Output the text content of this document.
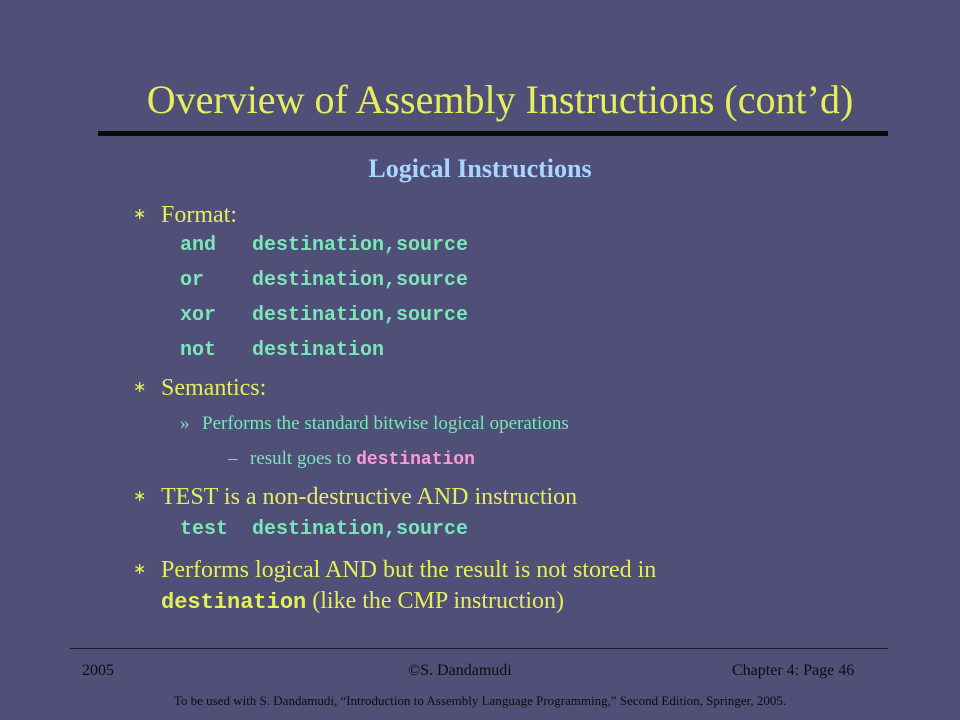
Overview of Assembly Instructions (cont’d)
Logical Instructions
∗ Format:
and destination,source
or destination,source
xor destination,source
not destination
∗ Semantics:
» Performs the standard bitwise logical operations
– result goes to destination
∗ TEST is a non-destructive AND instruction
test destination,source
∗ Performs logical AND but the result is not stored in
destination (like the CMP instruction)
2005	©S. Dandamudi	Chapter 4: Page 46
To be used with S. Dandamudi, “Introduction to Assembly Language Programming,” Second Edition, Springer, 2005.
